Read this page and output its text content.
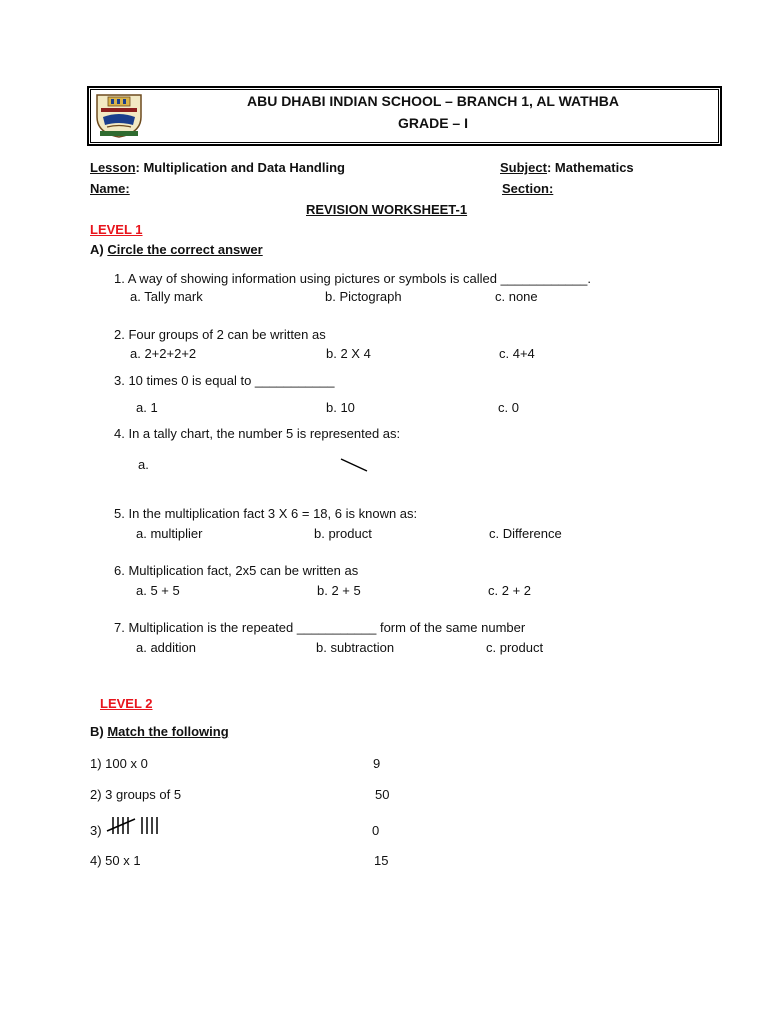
ABU DHABI INDIAN SCHOOL – BRANCH 1, AL WATHBA
GRADE – I
Lesson: Multiplication and Data Handling	Subject: Mathematics
Name:	Section:
REVISION WORKSHEET-1
LEVEL 1
A) Circle the correct answer
1. A way of showing information using pictures or symbols is called ____________.
a. Tally mark	b. Pictograph	c. none
2. Four groups of 2 can be written as
a. 2+2+2+2	b. 2 X 4	c. 4+4
3. 10 times 0 is equal to ___________
a. 1	b. 10	c. 0
4. In a tally chart, the number 5 is represented as:
a.
5. In the multiplication fact 3 X 6 = 18, 6 is known as:
a. multiplier	b. product	c. Difference
6. Multiplication fact, 2x5 can be written as
a. 5 + 5	b. 2 + 5	c. 2 + 2
7. Multiplication is the repeated ___________ form of the same number
a. addition	b. subtraction	c. product
LEVEL 2
B) Match the following
1) 100 x 0	9
2) 3 groups of 5	50
3)	0
4) 50 x 1	15
